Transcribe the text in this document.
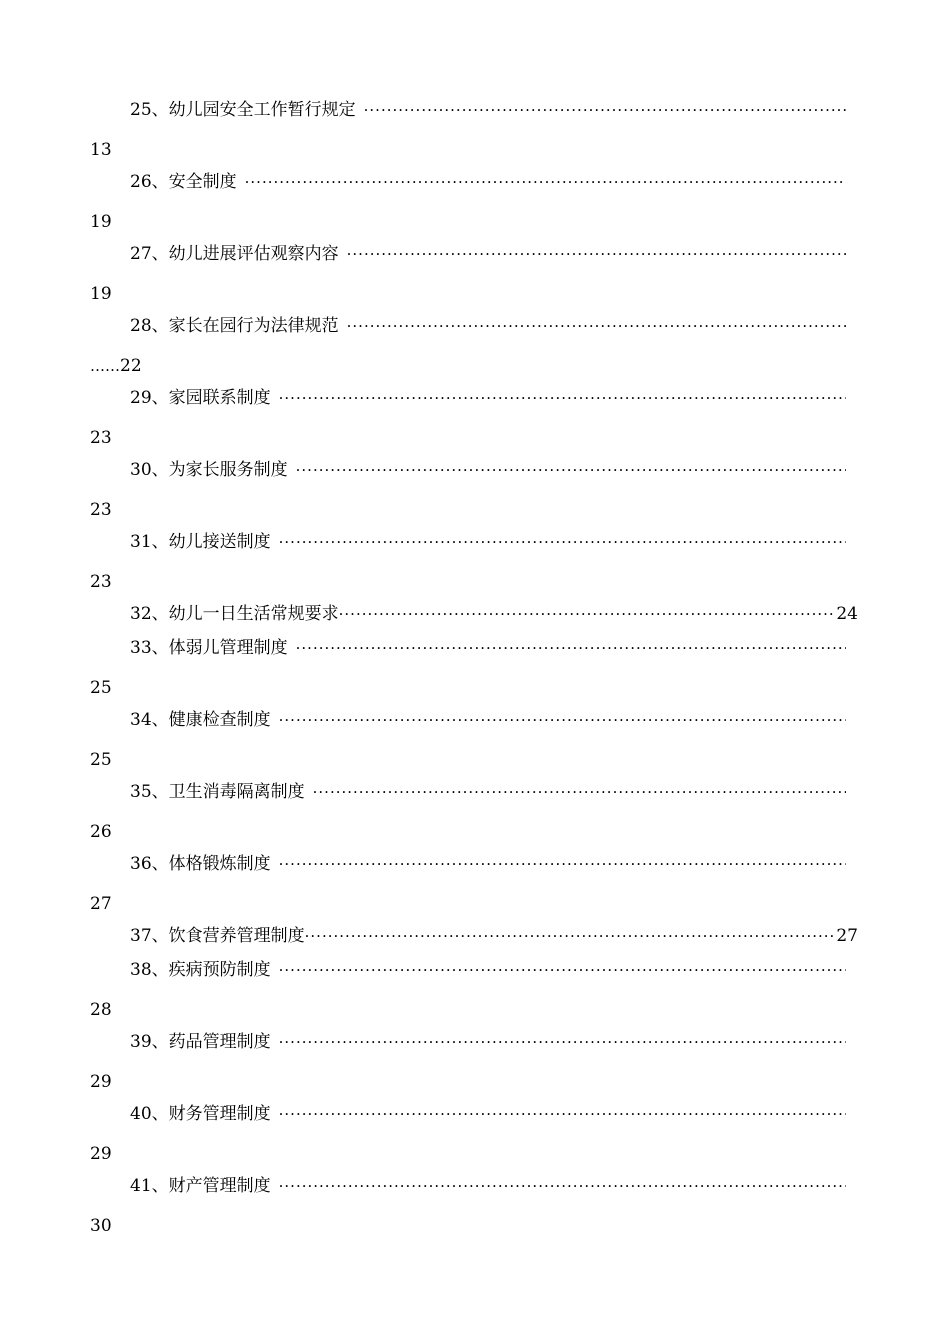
25、幼儿园安全工作暂行规定
·····
13
26、安全制度
·····
19
27、幼儿进展评估观察内容
·····
19
28、家长在园行为法律规范
·····
……22
29、家园联系制度
·····
23
30、为家长服务制度
·····
23
31、幼儿接送制度
·····
23
32、幼儿一日生活常规要求 ·····	24
33、体弱儿管理制度
·····
25
34、健康检查制度
·····
25
35、卫生消毒隔离制度
·····
26
36、体格锻炼制度
·····
27
37、饮食营养管理制度 ·····	27
38、疾病预防制度
·····
28
39、药品管理制度
·····
29
40、财务管理制度
·····
29
41、财产管理制度
·····
30
